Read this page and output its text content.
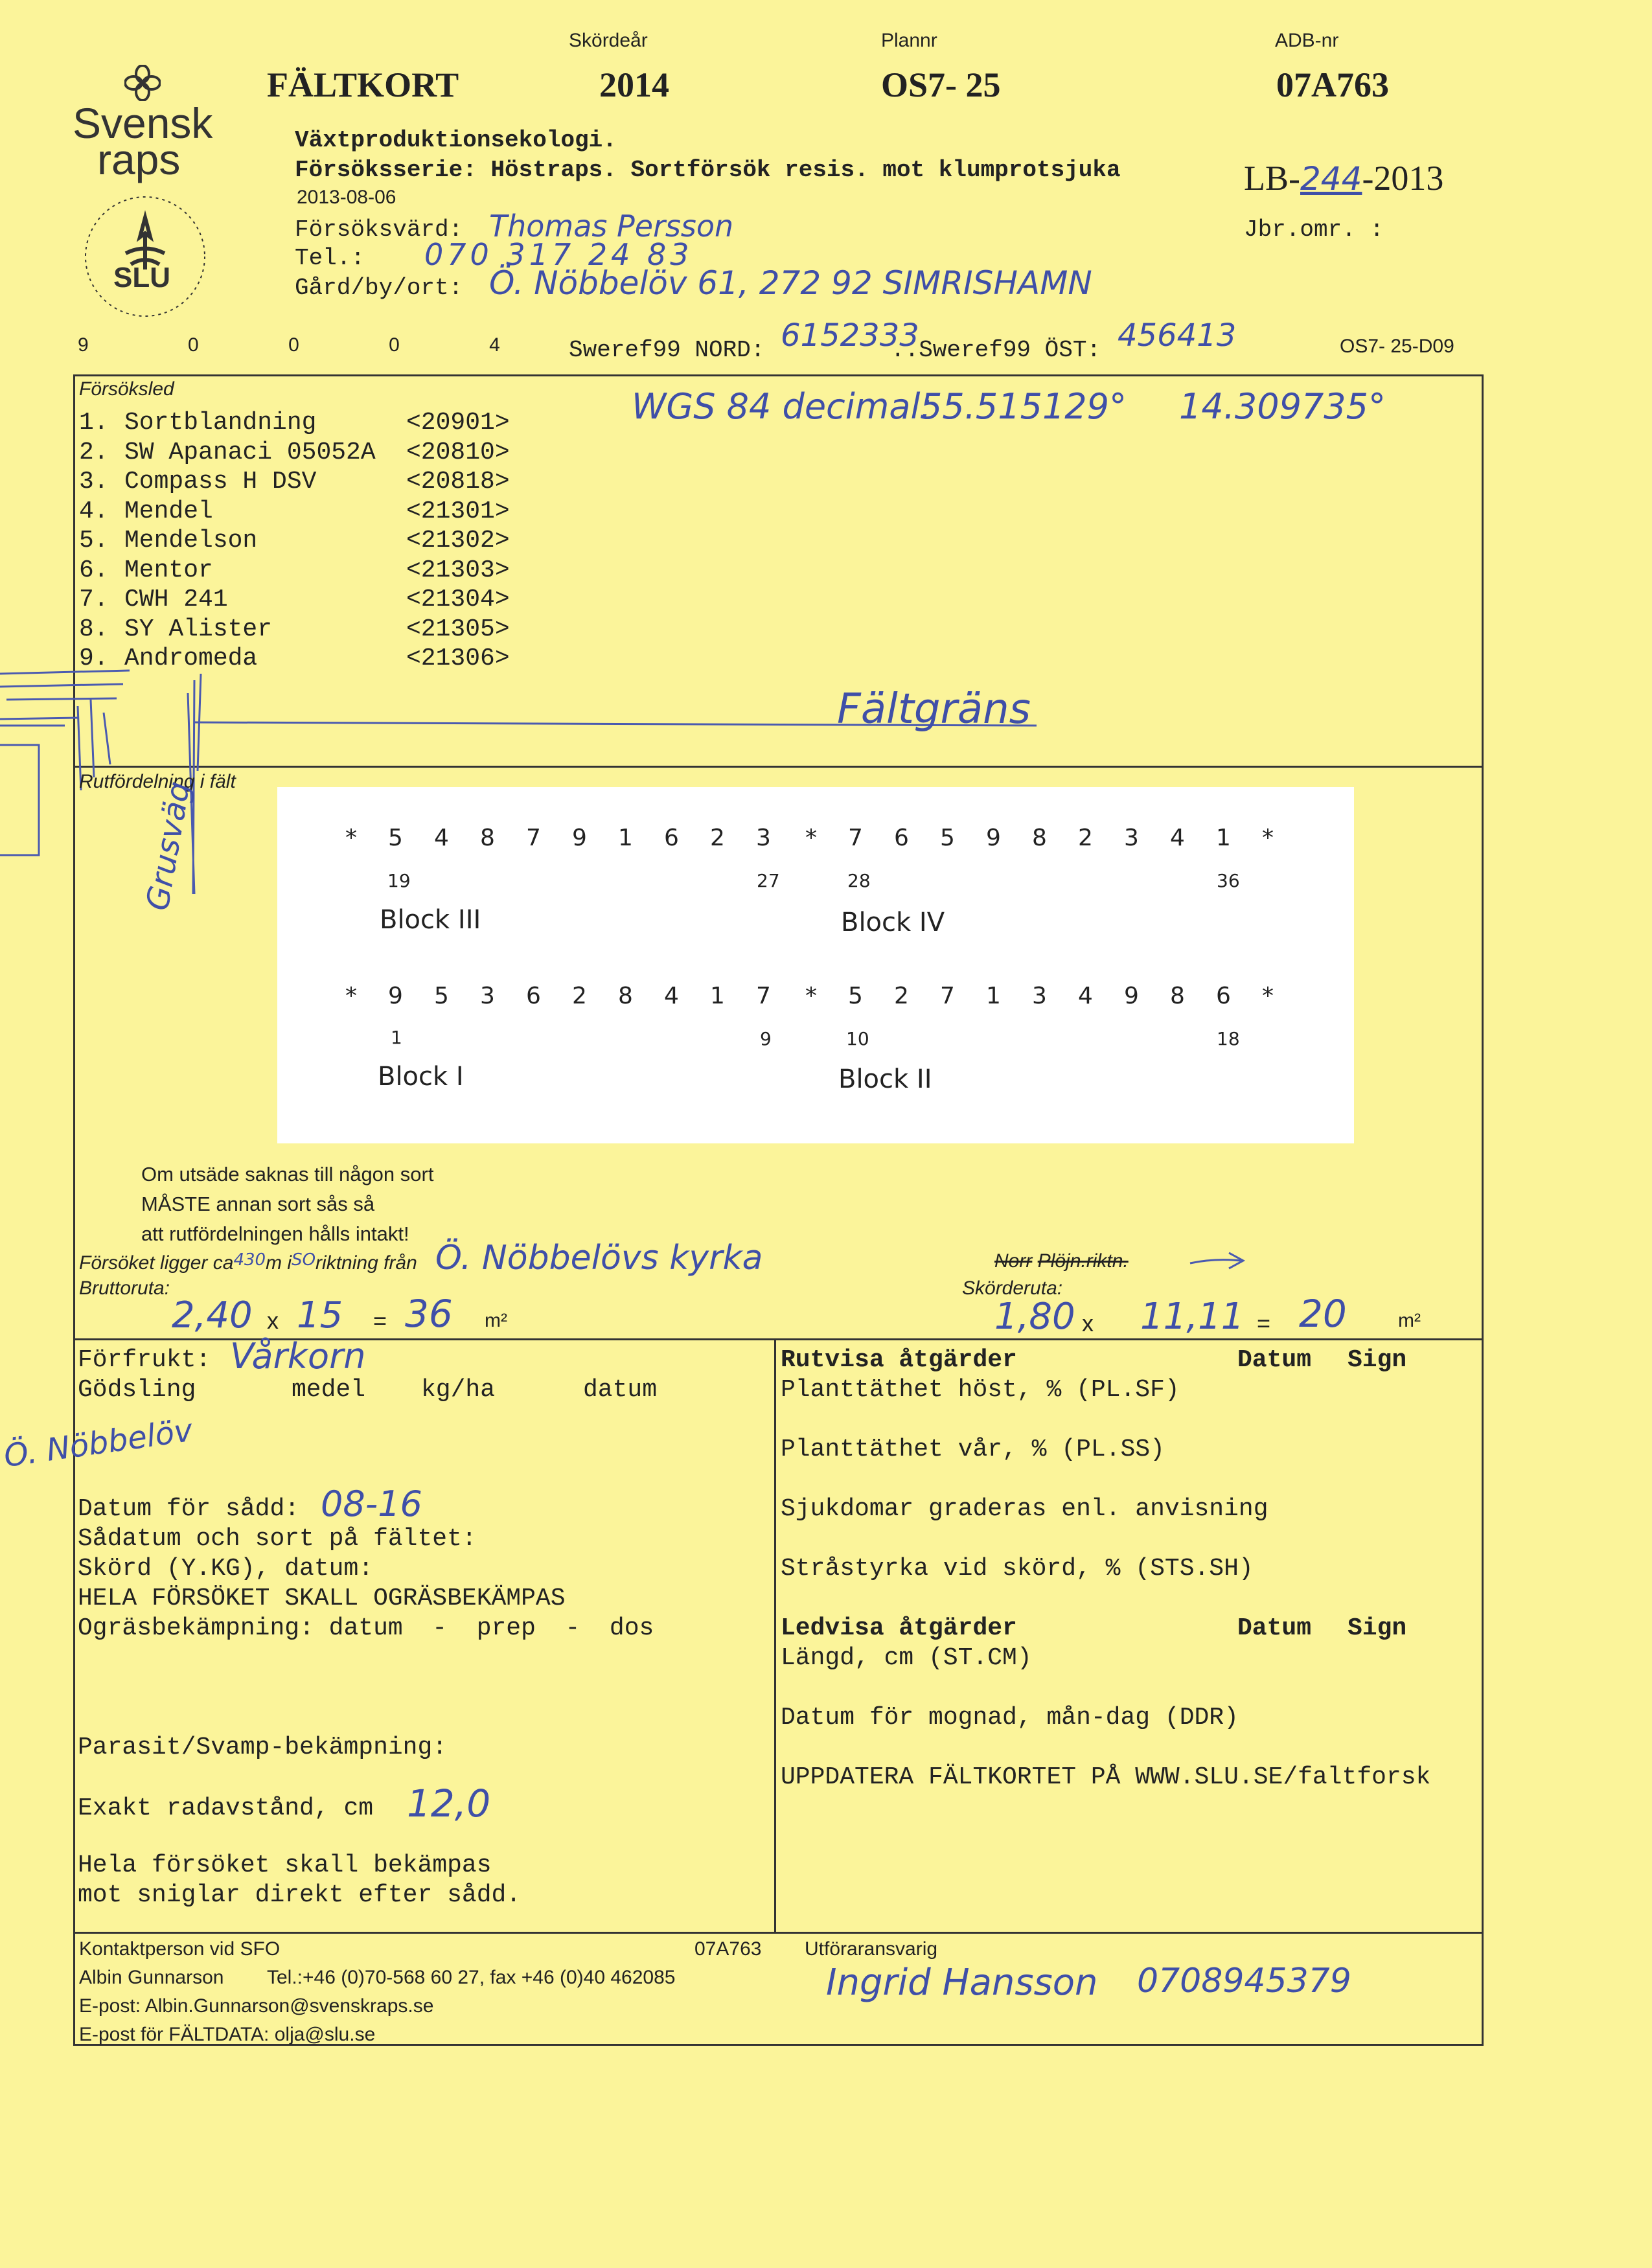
Skördeår	Plannr	ADB-nr
Svensk
raps
SLU
FÄLTKORT	2014	OS7- 25	07A763
Växtproduktionsekologi.
Försöksserie: Höstraps. Sortförsök resis. mot klumprotsjuka	LB-244-2013
2013-08-06
Försöksvärd: Thomas Persson	Jbr.omr. :
Tel.: 070 317 24 83
Gård/by/ort: Ö. Nöbbelöv 61, 272 92 SIMRISHAMN
9	0	0	0	4	Sweref99 NORD: 6152333
..Sweref99 ÖST: 456413	OS7- 25-D09
Försöksled	WGS 84 decimal:
55.515129° 14.309735°
1. Sortblandning	<20901>
2. SW Apanaci 05052A <20810>
3. Compass H DSV	<20818>
4. Mendel	<21301>
5. Mendelson	<21302>
6. Mentor	<21303>
7. CWH 241	<21304>
8. SY Alister	<21305>
9. Andromeda	<21306>
Fältgräns
Rutfördelning i fält
Grusväg	* 5 4 8 7 9 1 6 2 3	* 7 6 5 9 8 2 3 4 1 *
19	27	28	36
Block III	Block IV
* 9 5 3 6 2 8 4 1 7	* 5 2 7 1 3 4 9 8 6 *
1	9	10	18
Block I	Block II
Om utsäde saknas till någon sort
MÅSTE annan sort sås så
att rutfördelningen hålls intakt!
Försöket ligger ca430m iSOriktning från Ö. Nöbbelövs kyrka	Norr Plöjn.riktn.
Bruttoruta:
2,40 x 15 = 36 m²
Skörderuta:
1,80 x 11,11 = 20	m²
Förfrukt: Vårkorn
Gödsling	medel kg/ha	datum
Ö. Nöbbelöv
Datum för sådd: 08-16
Sådatum och sort på fältet:
Skörd (Y.KG), datum:
HELA FÖRSÖKET SKALL OGRÄSBEKÄMPAS
Ogräsbekämpning: datum  -  prep  -  dos
Parasit/Svamp-bekämpning:
Exakt radavstånd, cm 12,0
Hela försöket skall bekämpas
mot sniglar direkt efter sådd.
Rutvisa åtgärder	Datum Sign
Planttäthet höst, % (PL.SF)
Planttäthet vår, % (PL.SS)
Sjukdomar graderas enl. anvisning
Stråstyrka vid skörd, % (STS.SH)
Ledvisa åtgärder	Datum Sign
Längd, cm (ST.CM)
Datum för mognad, mån-dag (DDR)
UPPDATERA FÄLTKORTET PÅ WWW.SLU.SE/faltforsk
Kontaktperson vid SFO	07A763 Utföraransvarig
Albin Gunnarson Tel.:+46 (0)70-568 60 27, fax +46 (0)40 462085
E-post: Albin.Gunnarson@svenskraps.se
E-post för FÄLTDATA: olja@slu.se
Ingrid Hansson 0708945379
